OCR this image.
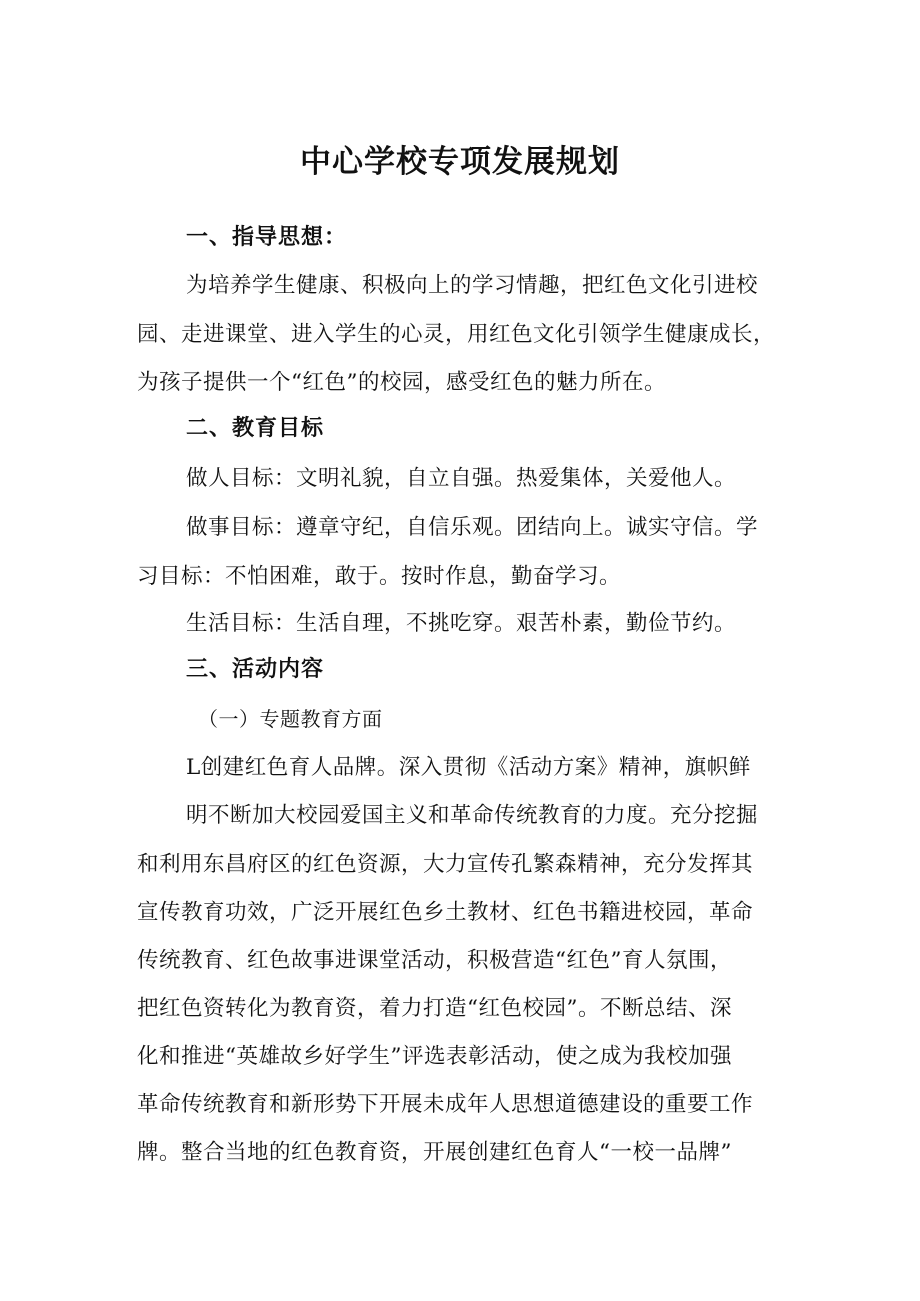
中心学校专项发展规划
一、指导思想：
为培养学生健康、积极向上的学习情趣，把红色文化引进校
园、走进课堂、进入学生的心灵，用红色文化引领学生健康成长，
为孩子提供一个“红色”的校园，感受红色的魅力所在。
二、教育目标
做人目标：文明礼貌，自立自强。热爱集体，关爱他人。
做事目标：遵章守纪，自信乐观。团结向上。诚实守信。学
习目标：不怕困难，敢于。按时作息，勤奋学习。
生活目标：生活自理，不挑吃穿。艰苦朴素，勤俭节约。
三、活动内容
（一）专题教育方面
L创建红色育人品牌。深入贯彻《活动方案》精神，旗帜鲜
明不断加大校园爱国主义和革命传统教育的力度。充分挖掘
和利用东昌府区的红色资源，大力宣传孔繁森精神，充分发挥其
宣传教育功效，广泛开展红色乡土教材、红色书籍进校园，革命
传统教育、红色故事进课堂活动，积极营造“红色”育人氛围，
把红色资转化为教育资，着力打造“红色校园”。不断总结、深
化和推进“英雄故乡好学生”评选表彰活动，使之成为我校加强
革命传统教育和新形势下开展未成年人思想道德建设的重要工作
牌。整合当地的红色教育资，开展创建红色育人“一校一品牌”
